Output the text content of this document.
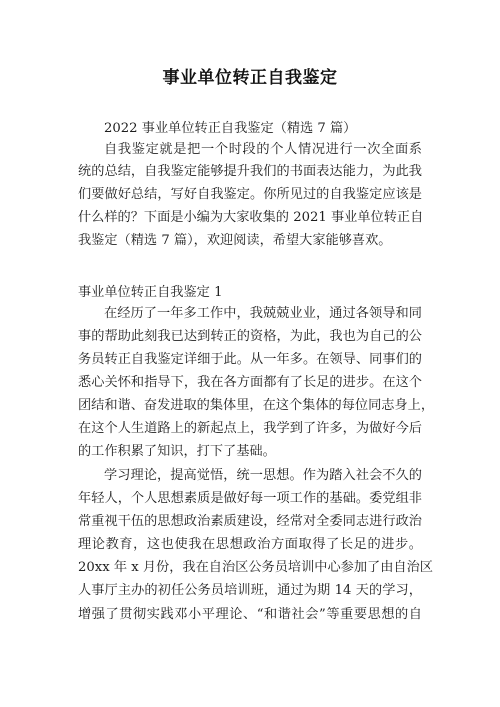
事业单位转正自我鉴定
2022 事业单位转正自我鉴定（精选 7 篇）
自我鉴定就是把一个时段的个人情况进行一次全面系
统的总结，自我鉴定能够提升我们的书面表达能力，为此我
们要做好总结，写好自我鉴定。你所见过的自我鉴定应该是
什么样的？下面是小编为大家收集的 2021 事业单位转正自
我鉴定（精选 7 篇），欢迎阅读，希望大家能够喜欢。
事业单位转正自我鉴定 1
在经历了一年多工作中，我兢兢业业，通过各领导和同
事的帮助此刻我已达到转正的资格，为此，我也为自己的公
务员转正自我鉴定详细于此。从一年多。在领导、同事们的
悉心关怀和指导下，我在各方面都有了长足的进步。在这个
团结和谐、奋发进取的集体里，在这个集体的每位同志身上，
在这个人生道路上的新起点上，我学到了许多，为做好今后
的工作积累了知识，打下了基础。
学习理论，提高觉悟，统一思想。作为踏入社会不久的
年轻人，个人思想素质是做好每一项工作的基础。委党组非
常重视干伍的思想政治素质建设，经常对全委同志进行政治
理论教育，这也使我在思想政治方面取得了长足的进步。
20xx 年 x 月份，我在自治区公务员培训中心参加了由自治区
人事厅主办的初任公务员培训班，通过为期 14 天的学习，
增强了贯彻实践邓小平理论、“和谐社会”等重要思想的自
